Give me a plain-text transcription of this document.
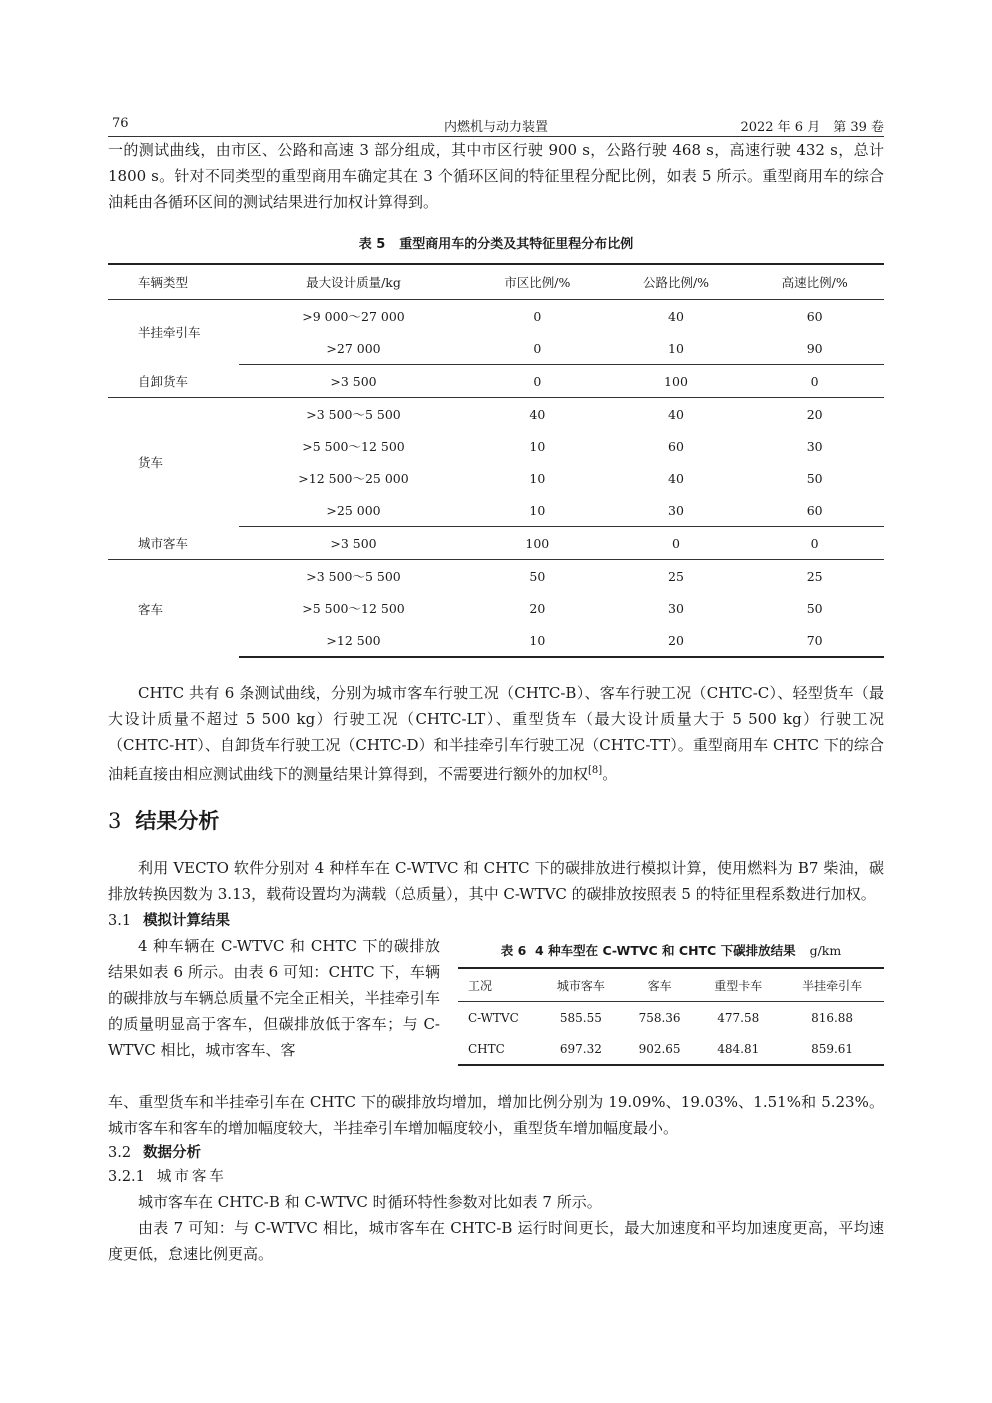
76	内燃机与动力装置	2022 年 6 月　第 39 卷

一的测试曲线，由市区、公路和高速 3 部分组成，其中市区行驶 900 s，公路行驶 468 s，高速行驶 432 s，总计 1800 s。针对不同类型的重型商用车确定其在 3 个循环区间的特征里程分配比例，如表 5 所示。重型商用车的综合油耗由各循环区间的测试结果进行加权计算得到。

表 5 重型商用车的分类及其特征里程分布比例
车辆类型	最大设计质量/kg	市区比例/%	公路比例/%	高速比例/%
半挂牵引车	>9 000～27 000	0	40	60
	>27 000	0	10	90
自卸货车	>3 500	0	100	0
货车	>3 500～5 500	40	40	20
	>5 500～12 500	10	60	30
	>12 500～25 000	10	40	50
	>25 000	10	30	60
城市客车	>3 500	100	0	0
客车	>3 500～5 500	50	25	25
	>5 500～12 500	20	30	50
	>12 500	10	20	70

CHTC 共有 6 条测试曲线，分别为城市客车行驶工况（CHTC-B）、客车行驶工况（CHTC-C）、轻型货车（最大设计质量不超过 5 500 kg）行驶工况（CHTC-LT）、重型货车（最大设计质量大于 5 500 kg）行驶工况（CHTC-HT）、自卸货车行驶工况（CHTC-D）和半挂牵引车行驶工况（CHTC-TT）。重型商用车 CHTC 下的综合油耗直接由相应测试曲线下的测量结果计算得到，不需要进行额外的加权[8]。

3 结果分析

利用 VECTO 软件分别对 4 种样车在 C-WTVC 和 CHTC 下的碳排放进行模拟计算，使用燃料为 B7 柴油，碳排放转换因数为 3.13，载荷设置均为满载（总质量），其中 C-WTVC 的碳排放按照表 5 的特征里程系数进行加权。

3.1 模拟计算结果
4 种车辆在 C-WTVC 和 CHTC 下的碳排放结果如表 6 所示。由表 6 可知：CHTC 下，车辆的碳排放与车辆总质量不完全正相关，半挂牵引车的质量明显高于客车，但碳排放低于客车；与 C-WTVC 相比，城市客车、客
表 6 4 种车型在 C-WTVC 和 CHTC 下碳排放结果 g/km
工况	城市客车	客车	重型卡车	半挂牵引车
C-WTVC	585.55	758.36	477.58	816.88
CHTC	697.32	902.65	484.81	859.61

车、重型货车和半挂牵引车在 CHTC 下的碳排放均增加，增加比例分别为 19.09%、19.03%、1.51%和 5.23%。城市客车和客车的增加幅度较大，半挂牵引车增加幅度较小，重型货车增加幅度最小。

3.2 数据分析
3.2.1 城市客车

城市客车在 CHTC-B 和 C-WTVC 时循环特性参数对比如表 7 所示。

由表 7 可知：与 C-WTVC 相比，城市客车在 CHTC-B 运行时间更长，最大加速度和平均加速度更高，平均速度更低，怠速比例更高。
